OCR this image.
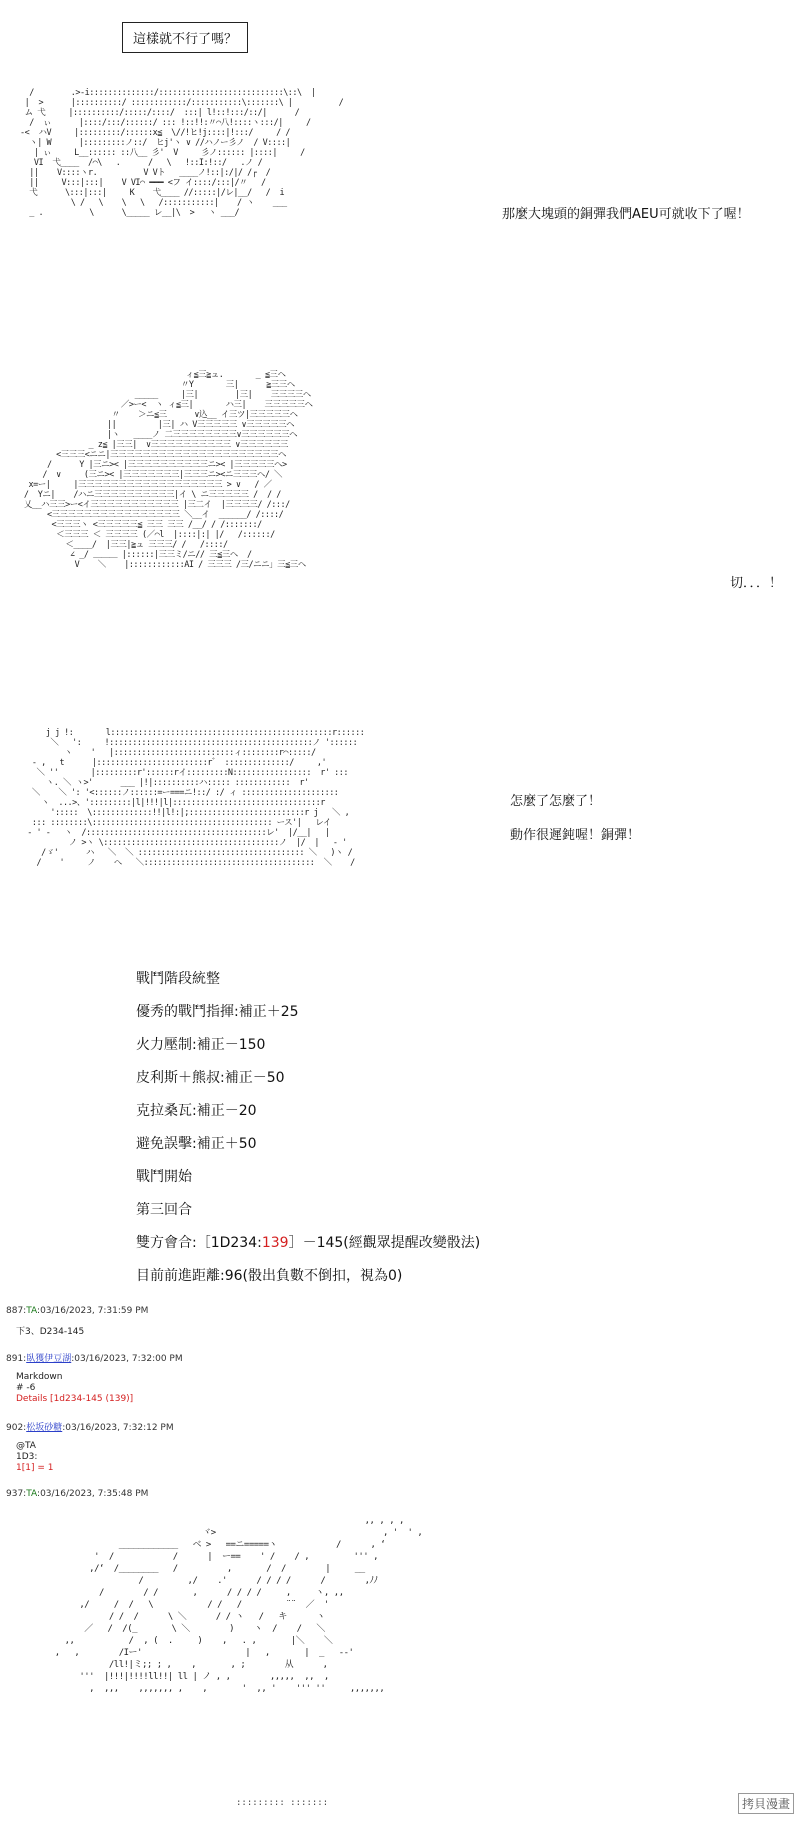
這樣就不行了嗎？
/        .>-i::::::::::::::/:::::::::::::::::::::::::::\::\  |
|  >      |::::::::::/ ::::::::::::/:::::::::::\:::::::\ |          /
ム 弋     |::::::::::/:::::/::::/  :::| l!::!:::/::/|      /
/  ぃ      |::::/:::/::::::/ ::: !::!!:〃⌒八!::::ヽ:::/|     /
-<  ハV     |:::::::::/::::::x≦  \//!ヒ!j::::|!:::/     / /
ヽ| W      |:::::::::ノ::/  ヒj'ヽ ∨ //ハノー彡ノ  / V::::|
| ぃ     L__:::::: ::八__ 彡'  V     彡ノ:::::: |::::|     /
VI  弋____  /⌒\   .      /   \   !::I:!::/   .ノ /
||    V::::ヽr.          V Vト   ____ノ!::|:/|/ /┌  /
||     V:::|:::|    V VI⌒ ━━━ <フ イ::::/:::|/〃   /
弋      \:::|:::|     K    弋____ //:::::|/レ|__/   /  i
\ /   \    \   \   /:::::::::::|    / ヽ    ___
_ .          \      \_____ レ__|\  >   ヽ ___/	那麼大塊頭的銅彈我們AEU可就收下了喔！
ィ≦三≧ュ.       _ ≦三ヘ
〃Y       三|      ≧三三ヘ
_____     |三|        |三|    三三三三ヘ
／>ー<  ヽ ィ≦三|       ハ三|    三三三三三ヘ
〃    ＞ニ≦三      ∨込__ イ三ツ|三三三三三ヘ
||         |三| ハ V三三三三三 ∨三三三三三ヘ
|ヽ   ____ノ 二三三三三三三三三∨三三三三三三ヘ
_ z≦ |三三|  ∨三三三三三三三三三三 ∨三三三三三三
<三三三<ニニ|三三三三三三三三三三三三三三三三三三三三三ヘ
/      Y |三ニ>< |三三三三三三三三三三ニ>< |三三三三三ヘ>
/  ∨     (三ニ>< |三三三三三三三|三三三ニ><ニ三三三ヘ/ ＼
x=ー|     |三三三三三三三三三三三三三三三三三三 > ∨   / ／
/  Yニ|    /ハニ三三三三三三三三三三|イ \ ニ三三三三三 /  / /
乂__ハ三三>ー<イ三三三三三三三三三三三 |三二イ  |三三三三/ /:::/
<三三三三三三三三三三三三三三三三 ＼__イ  ______/ /::::/
<三三三ヽ <三三三三三≦ 三三 三三 /__/ / /:::::::/
＜三三三 ＜ 三三三三 (／⌒l  |::::|:| |/   /::::::/
＜____/  |三三|≧ュ 三三三/ /   /::::/
∠ _/ ＿＿＿ |::::::|三三ミ/ニ// 三≦三ヘ  /
V    ＼    |::::::::::::AI / 三三三 /三/ニニ」三≦三ヘ
切．．．！
j j !:       l::::::::::::::::::::::::::::::::::::::::::::::::r::::::
＼   ':     !::::::::::::::::::::::::::::::::::::::::::::ノ '::::::
ヽ    '   |::::::::::::::::::::::::::ィ::::::::r⌒:::::/
- ,   t      |::::::::::::::::::::::::r゛ ::::::::::::::/     ,'
＼ ''       |:::::::::r'::::::rイ:::::::::N:::::::::::::::::  r' :::
ヽ. ＼ ヽ>'      ___ |!|::::::::::ハ::::: ::::::::::::  r'
＼    ＼ ': '<::::::ノ::::::=ー===ニ!::/ :/ ィ :::::::::::::::::::::
ヽ  ...>、':::::::::|l|!!!|l|::::::::::::::::::::::::::::::::r
':::::  \:::::::::::::!!|l!:|;:::::::::::::::::::::::::r j   ＼ ,
::: ::::::::\::::::::::::::::::::::::::::::::::::::: ース'|   レイ
- ' -   ヽ  /:::::::::::::::::::::::::::::::::::::::レ'  |/__|   |
ノ >ヽ \::::::::::::::::::::::::::::::::::::::ノ  |/  |   - '
/ゞ'      ハ   ＼  ＼ :::::::::::::::::::::::::::::::::::: ＼   )ヽ /
/    '     ノ    へ   ＼:::::::::::::::::::::::::::::::::::::  ＼    /
怎麼了怎麼了！
動作很遲鈍喔！銅彈！
戰鬥階段統整
優秀的戰鬥指揮:補正＋25
火力壓制:補正－150
皮利斯＋熊叔:補正－50
克拉桑瓦:補正－20
避免誤擊:補正＋50
戰鬥開始
第三回合
雙方會合:［1D234:139］－145(經觀眾提醒改變骰法)
目前前進距離:96(骰出負數不倒扣，視為0)
887:TA:03/16/2023, 7:31:59 PM
下3、D234-145
891:臥獲伊豆湖:03/16/2023, 7:32:00 PM
Markdown
# -6
Details [1d234-145 (139)]
902:松坂砂糖:03/16/2023, 7:32:12 PM
@TA
1D3:
1[1] = 1
937:TA:03/16/2023, 7:35:48 PM
,, , , ,
ヾ>                                  , '  ' ,
____________   ベ >   ==ニ=====ヽ            /      , ‘
'  /            /      |  ー==    ' /    / ,         ''' ,
,/‘  /________   /          ,       /  /        |     __
/         ,/    .'      / / / /      /        ,ﾉﾉ
/        / /       ,      / / / /     ,     ヽ, ,,
,/     /  /   \           / /   /         ¨¨  ／  '
/ /  /      \ ＼      / / ヽ   /   キ      ヽ
／   /  /(_       \ ＼        )    ヽ  /    /   ＼
,,           /  , (  .     )    ,   . ,       |＼    ＼
,   ,        /Iー'                     |   ,       |  _   --'
/ll!|ミ;; ; ,    ,       , ;        从      ,
'''  |!!!|!!!!ll!!| ll | ノ , ,        ,,,,,  ,,  ,
,  ,,,    ,,,,,,, ,    ,       '  ,, '    ''' ''     ,,,,,,,
::::::::: :::::::	拷貝漫畫
